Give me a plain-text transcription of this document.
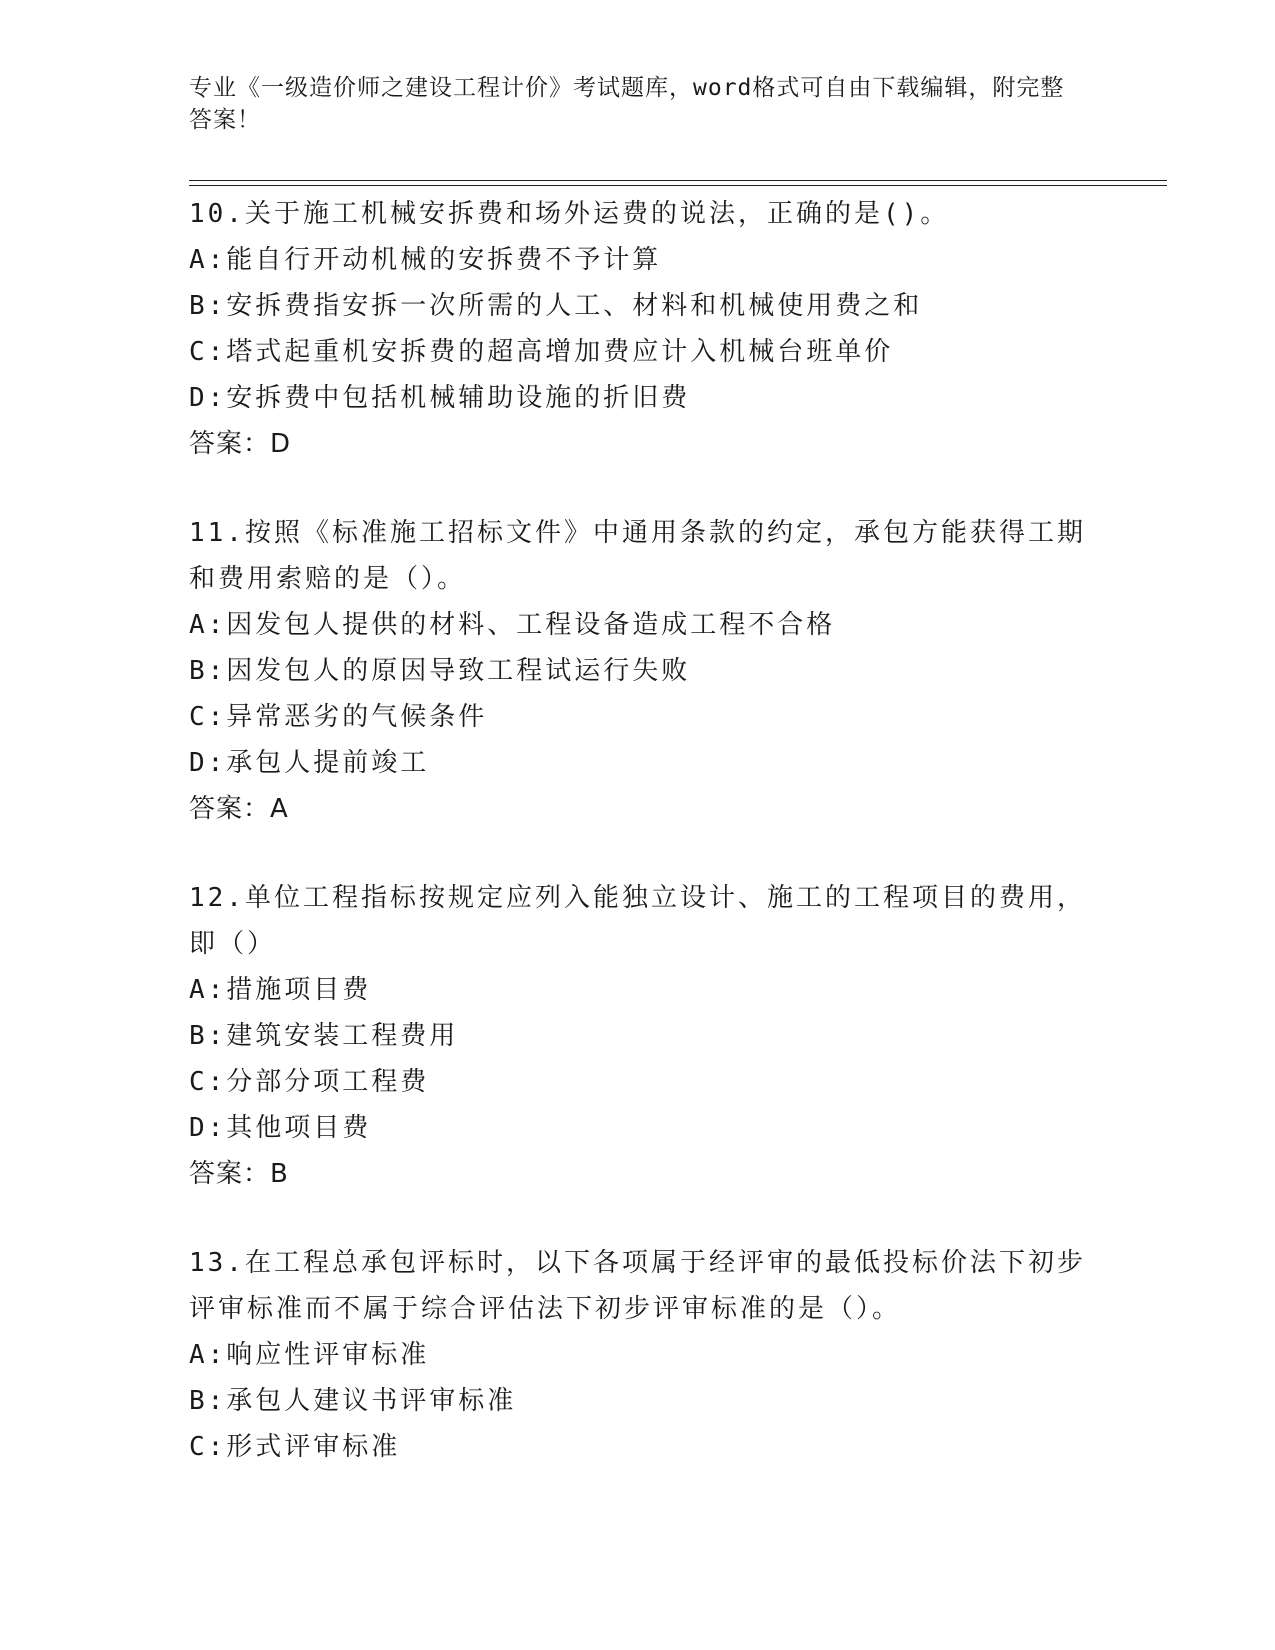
专业《一级造价师之建设工程计价》考试题库，word格式可自由下载编辑，附完整答案！
10.关于施工机械安拆费和场外运费的说法，正确的是()。
A:能自行开动机械的安拆费不予计算
B:安拆费指安拆一次所需的人工、材料和机械使用费之和
C:塔式起重机安拆费的超高增加费应计入机械台班单价
D:安拆费中包括机械辅助设施的折旧费
答案：D
11.按照《标准施工招标文件》中通用条款的约定，承包方能获得工期和费用索赔的是（）。
A:因发包人提供的材料、工程设备造成工程不合格
B:因发包人的原因导致工程试运行失败
C:异常恶劣的气候条件
D:承包人提前竣工
答案：A
12.单位工程指标按规定应列入能独立设计、施工的工程项目的费用，即（）
A:措施项目费
B:建筑安装工程费用
C:分部分项工程费
D:其他项目费
答案：B
13.在工程总承包评标时，以下各项属于经评审的最低投标价法下初步评审标准而不属于综合评估法下初步评审标准的是（）。
A:响应性评审标准
B:承包人建议书评审标准
C:形式评审标准
